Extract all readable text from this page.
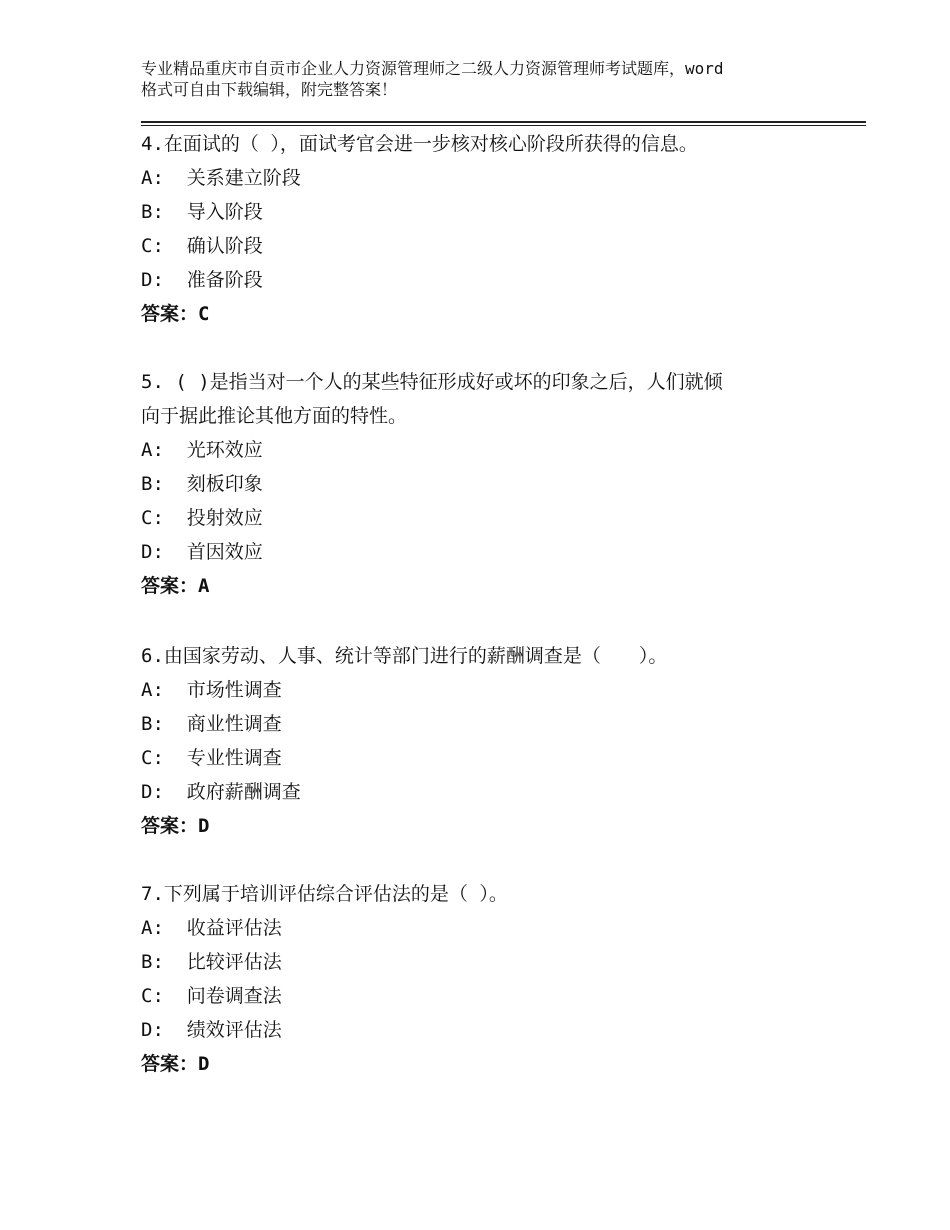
专业精品重庆市自贡市企业人力资源管理师之二级人力资源管理师考试题库，word
格式可自由下载编辑，附完整答案！
4.在面试的（ ），面试考官会进一步核对核心阶段所获得的信息。
A:  关系建立阶段
B:  导入阶段
C:  确认阶段
D:  准备阶段
答案：C
5. ( )是指当对一个人的某些特征形成好或坏的印象之后，人们就倾
向于据此推论其他方面的特性。
A:  光环效应
B:  刻板印象
C:  投射效应
D:  首因效应
答案：A
6.由国家劳动、人事、统计等部门进行的薪酬调查是（　　）。
A:  市场性调查
B:  商业性调查
C:  专业性调查
D:  政府薪酬调查
答案：D
7.下列属于培训评估综合评估法的是（ ）。
A:  收益评估法
B:  比较评估法
C:  问卷调查法
D:  绩效评估法
答案：D
